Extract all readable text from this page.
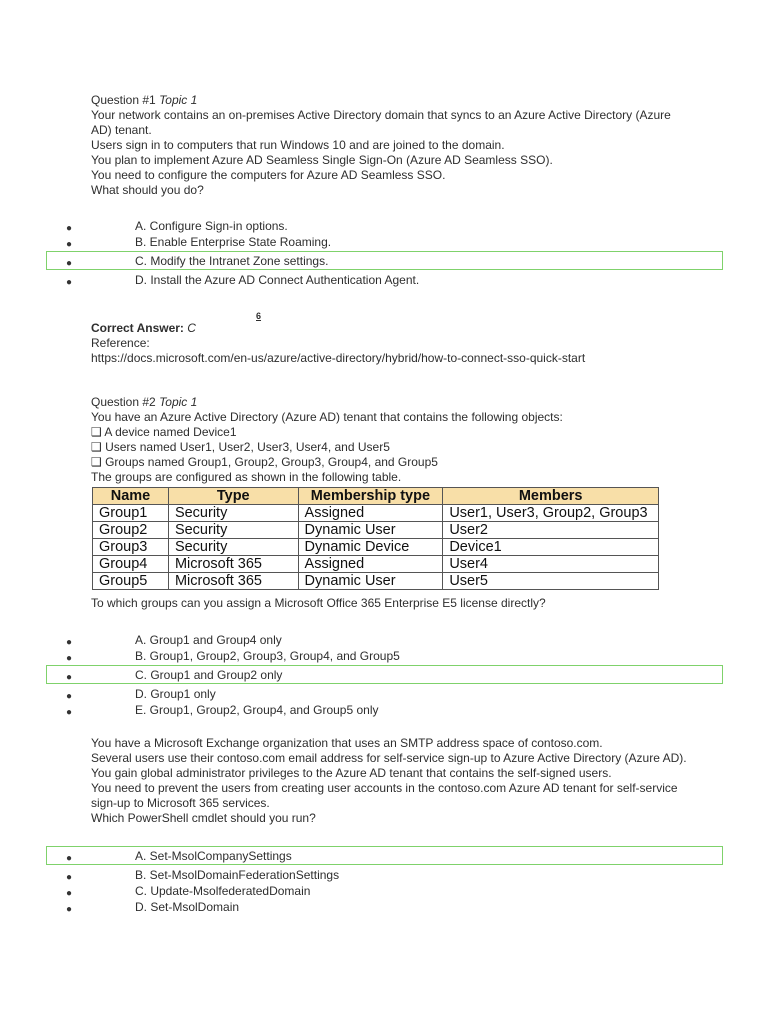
Question #1 Topic 1
Your network contains an on-premises Active Directory domain that syncs to an Azure Active Directory (Azure
AD) tenant.
Users sign in to computers that run Windows 10 and are joined to the domain.
You plan to implement Azure AD Seamless Single Sign-On (Azure AD Seamless SSO).
You need to configure the computers for Azure AD Seamless SSO.
What should you do?
●	A. Configure Sign-in options.
●	B. Enable Enterprise State Roaming.
●	C. Modify the Intranet Zone settings.
●	D. Install the Azure AD Connect Authentication Agent.
6
Correct Answer: C
Reference:
https://docs.microsoft.com/en-us/azure/active-directory/hybrid/how-to-connect-sso-quick-start
Question #2 Topic 1
You have an Azure Active Directory (Azure AD) tenant that contains the following objects:
❑ A device named Device1
❑ Users named User1, User2, User3, User4, and User5
❑ Groups named Group1, Group2, Group3, Group4, and Group5
The groups are configured as shown in the following table.
Name	Type	Membership type	Members
Group1	Security	Assigned	User1, User3, Group2, Group3
Group2	Security	Dynamic User	User2
Group3	Security	Dynamic Device	Device1
Group4	Microsoft 365	Assigned	User4
Group5	Microsoft 365	Dynamic User	User5
To which groups can you assign a Microsoft Office 365 Enterprise E5 license directly?
●	A. Group1 and Group4 only
●	B. Group1, Group2, Group3, Group4, and Group5
●	C. Group1 and Group2 only
●	D. Group1 only
●	E. Group1, Group2, Group4, and Group5 only
You have a Microsoft Exchange organization that uses an SMTP address space of contoso.com.
Several users use their contoso.com email address for self-service sign-up to Azure Active Directory (Azure AD).
You gain global administrator privileges to the Azure AD tenant that contains the self-signed users.
You need to prevent the users from creating user accounts in the contoso.com Azure AD tenant for self-service
sign-up to Microsoft 365 services.
Which PowerShell cmdlet should you run?
●	A. Set-MsolCompanySettings
●	B. Set-MsolDomainFederationSettings
●	C. Update-MsolfederatedDomain
●	D. Set-MsolDomain
